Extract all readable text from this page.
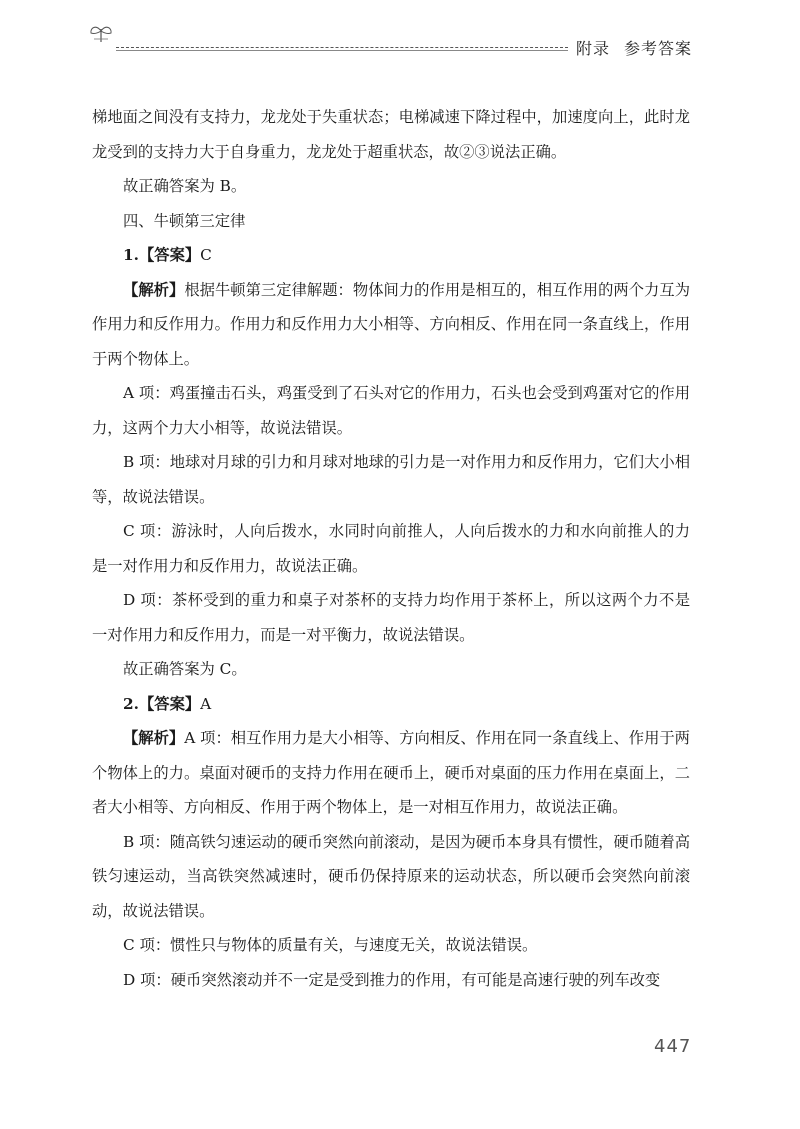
附录 参考答案

梯地面之间没有支持力，龙龙处于失重状态；电梯减速下降过程中，加速度向上，此时龙龙受到的支持力大于自身重力，龙龙处于超重状态，故②③说法正确。

故正确答案为 B。

四、牛顿第三定律

1.【答案】C

【解析】根据牛顿第三定律解题：物体间力的作用是相互的，相互作用的两个力互为作用力和反作用力。作用力和反作用力大小相等、方向相反、作用在同一条直线上，作用于两个物体上。

A 项：鸡蛋撞击石头，鸡蛋受到了石头对它的作用力，石头也会受到鸡蛋对它的作用力，这两个力大小相等，故说法错误。

B 项：地球对月球的引力和月球对地球的引力是一对作用力和反作用力，它们大小相等，故说法错误。

C 项：游泳时，人向后拨水，水同时向前推人，人向后拨水的力和水向前推人的力是一对作用力和反作用力，故说法正确。

D 项：茶杯受到的重力和桌子对茶杯的支持力均作用于茶杯上，所以这两个力不是一对作用力和反作用力，而是一对平衡力，故说法错误。

故正确答案为 C。

2.【答案】A

【解析】A 项：相互作用力是大小相等、方向相反、作用在同一条直线上、作用于两个物体上的力。桌面对硬币的支持力作用在硬币上，硬币对桌面的压力作用在桌面上，二者大小相等、方向相反、作用于两个物体上，是一对相互作用力，故说法正确。

B 项：随高铁匀速运动的硬币突然向前滚动，是因为硬币本身具有惯性，硬币随着高铁匀速运动，当高铁突然减速时，硬币仍保持原来的运动状态，所以硬币会突然向前滚动，故说法错误。

C 项：惯性只与物体的质量有关，与速度无关，故说法错误。

D 项：硬币突然滚动并不一定是受到推力的作用，有可能是高速行驶的列车改变

447
